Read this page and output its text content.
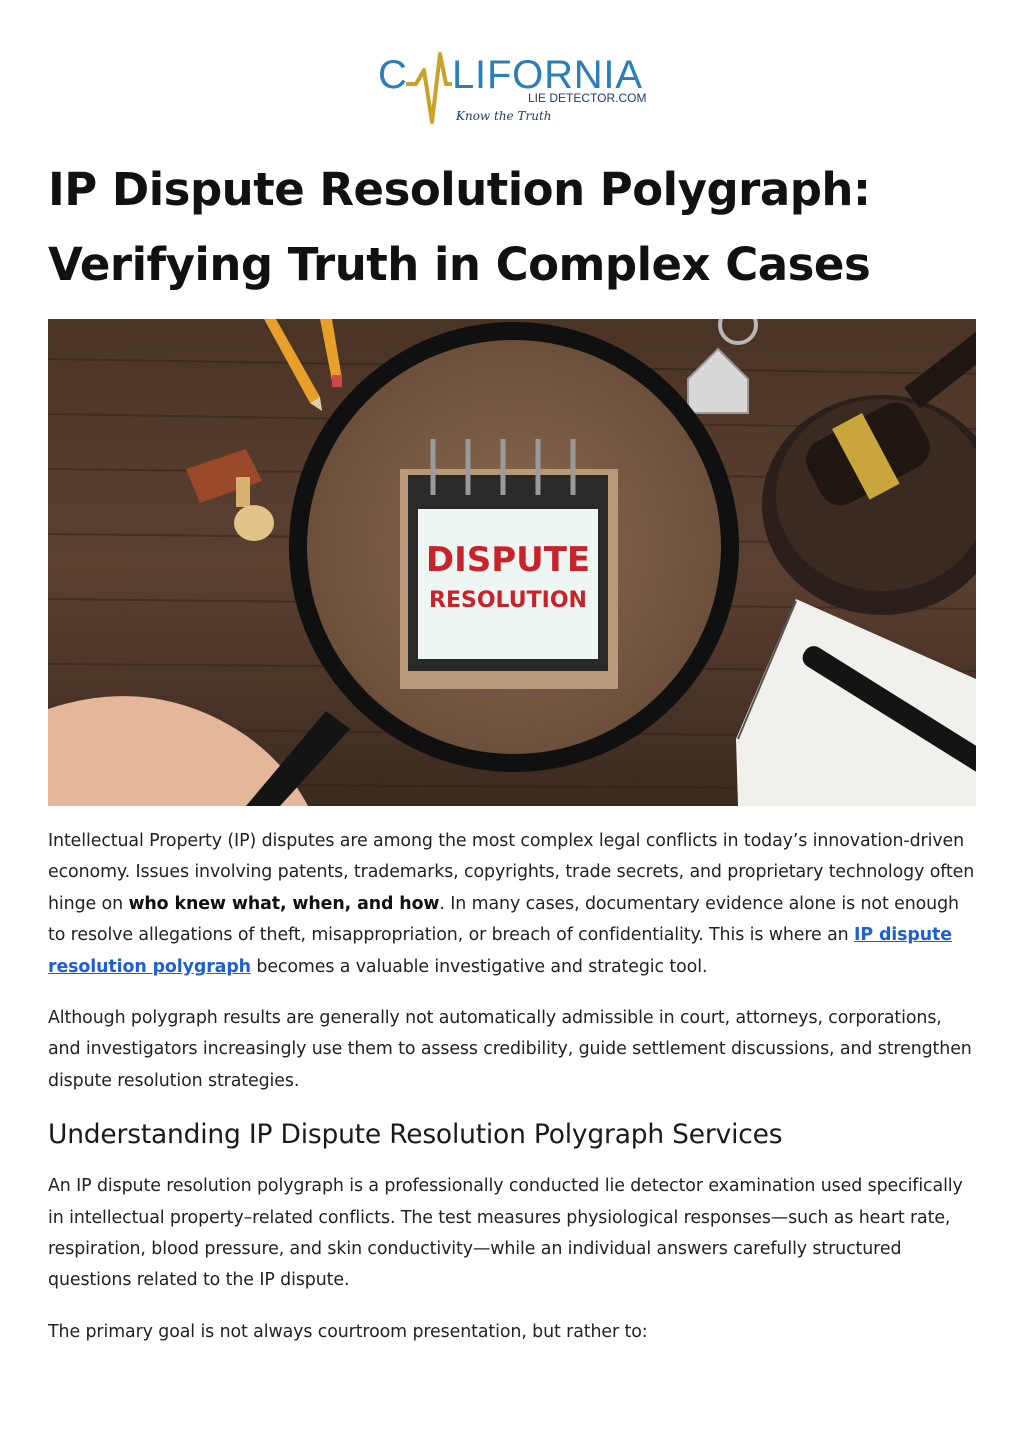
C LIFORNIA
LIE DETECTOR.COM
Know the Truth
IP Dispute Resolution Polygraph:
Verifying Truth in Complex Cases
DISPUTE
RESOLUTION

Intellectual Property (IP) disputes are among the most complex legal conflicts in today’s innovation-driven economy. Issues involving patents, trademarks, copyrights, trade secrets, and proprietary technology often hinge on who knew what, when, and how. In many cases, documentary evidence alone is not enough to resolve allegations of theft, misappropriation, or breach of confidentiality. This is where an IP dispute resolution polygraph becomes a valuable investigative and strategic tool.

Although polygraph results are generally not automatically admissible in court, attorneys, corporations, and investigators increasingly use them to assess credibility, guide settlement discussions, and strengthen dispute resolution strategies.

Understanding IP Dispute Resolution Polygraph Services

An IP dispute resolution polygraph is a professionally conducted lie detector examination used specifically in intellectual property–related conflicts. The test measures physiological responses—such as heart rate, respiration, blood pressure, and skin conductivity—while an individual answers carefully structured questions related to the IP dispute.

The primary goal is not always courtroom presentation, but rather to:
